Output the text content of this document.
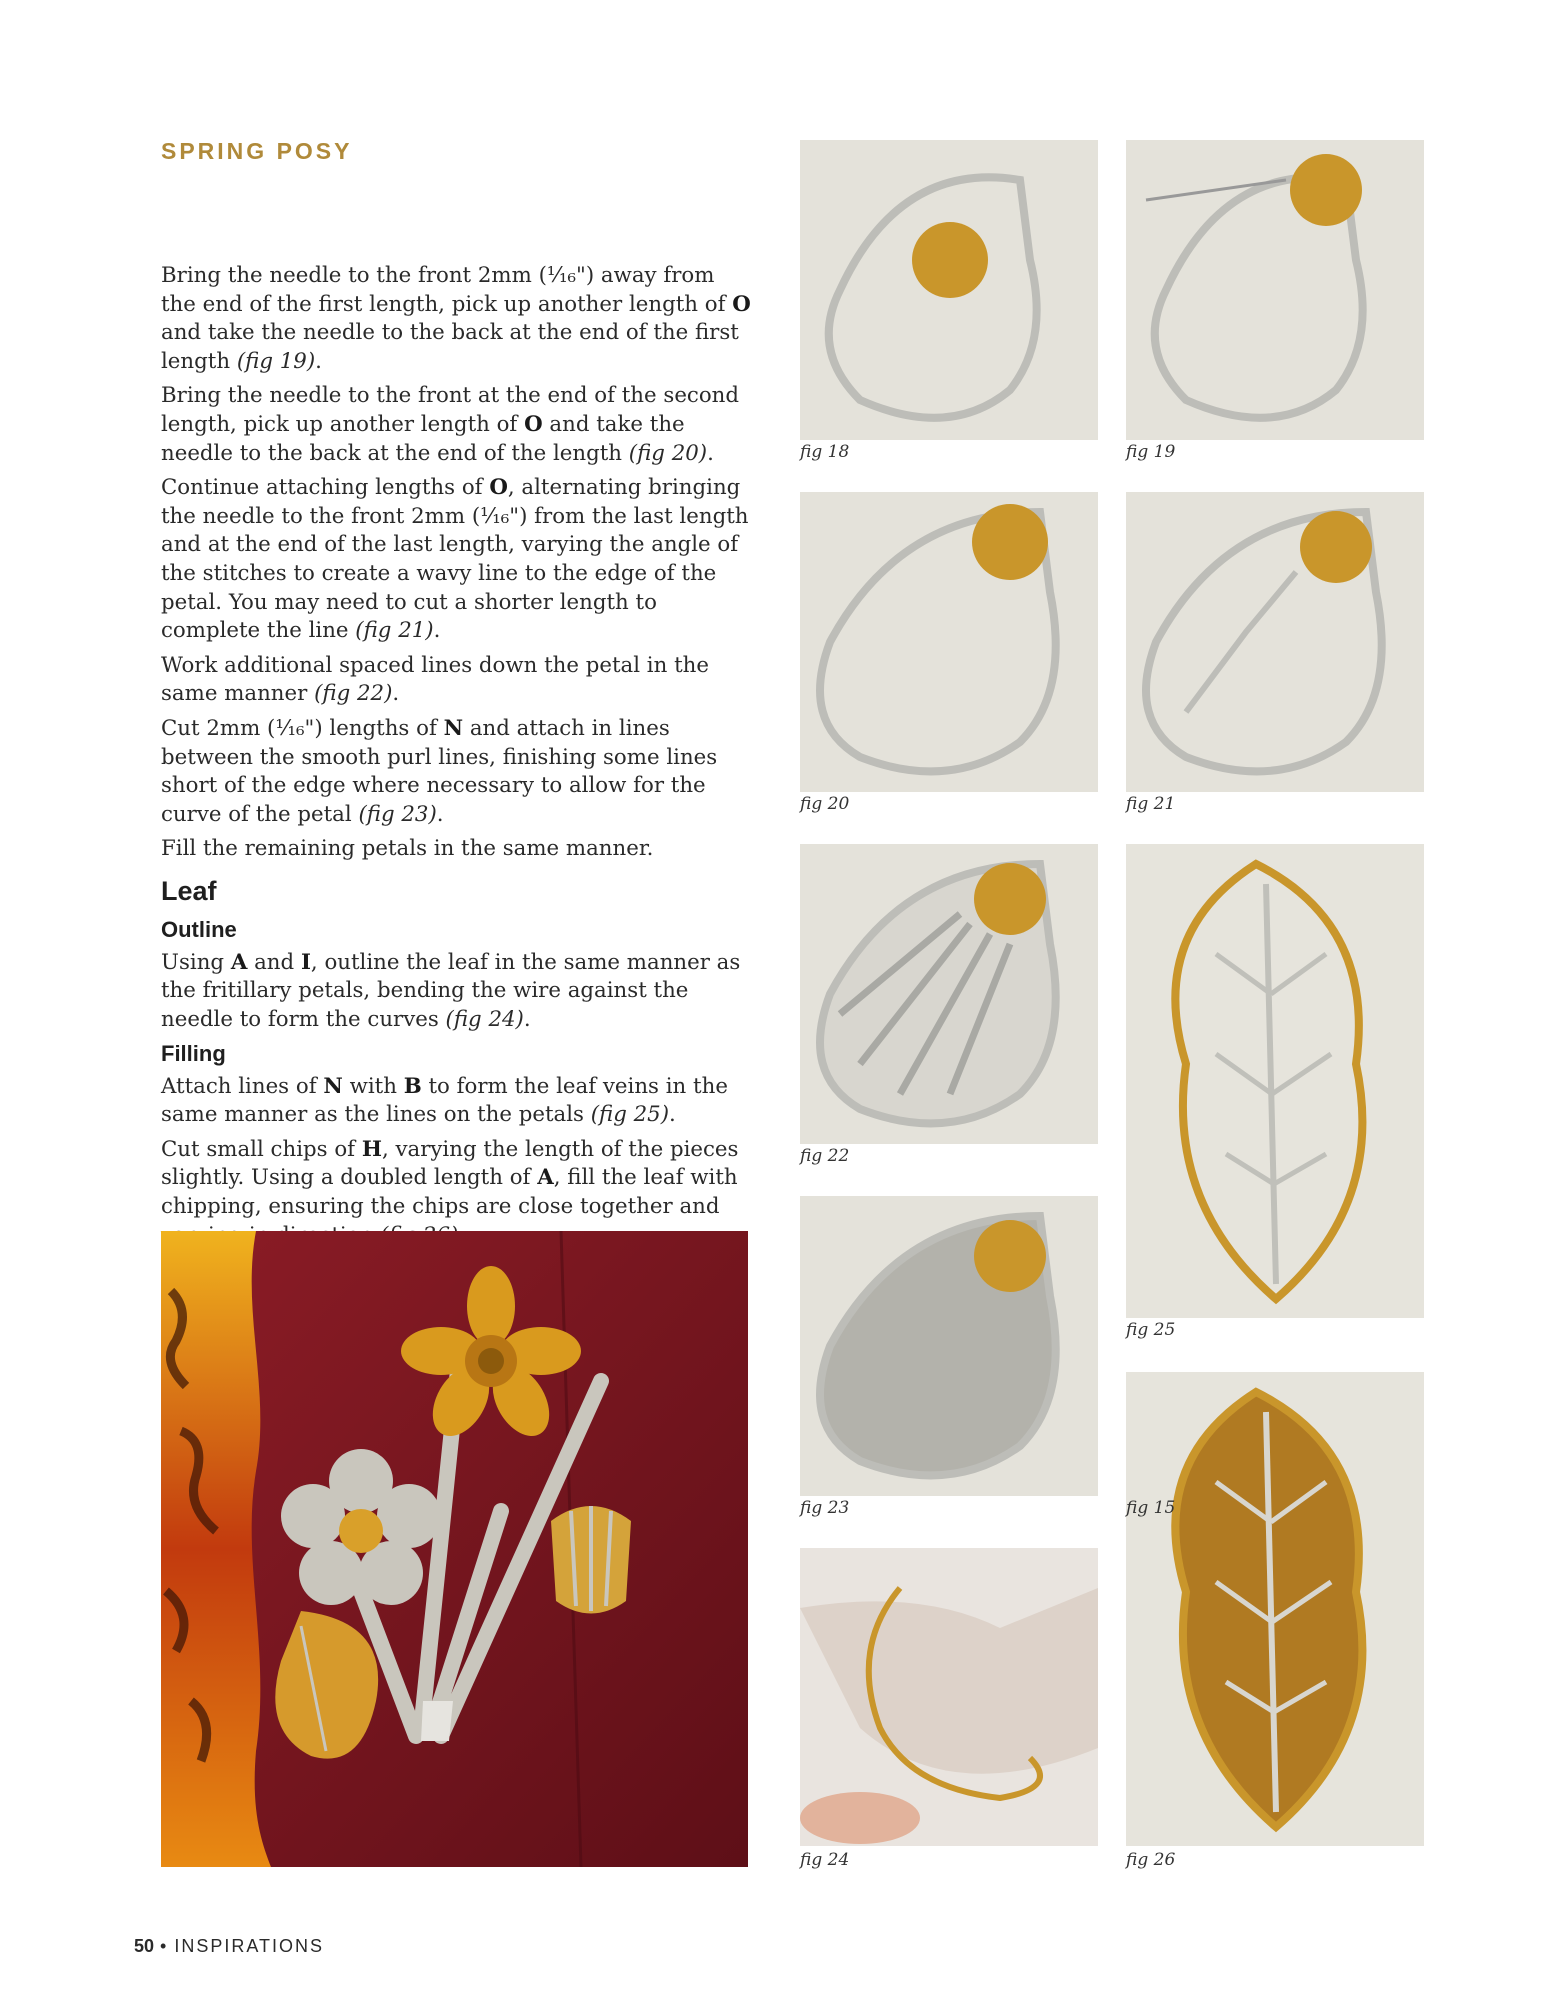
SPRING POSY

Bring the needle to the front 2mm (¹⁄₁₆") away from the end of the first length, pick up another length of O and take the needle to the back at the end of the first length (fig 19).

Bring the needle to the front at the end of the second length, pick up another length of O and take the needle to the back at the end of the length (fig 20).

Continue attaching lengths of O, alternating bringing the needle to the front 2mm (¹⁄₁₆") from the last length and at the end of the last length, varying the angle of the stitches to create a wavy line to the edge of the petal. You may need to cut a shorter length to complete the line (fig 21).

Work additional spaced lines down the petal in the same manner (fig 22).

Cut 2mm (¹⁄₁₆") lengths of N and attach in lines between the smooth purl lines, finishing some lines short of the edge where necessary to allow for the curve of the petal (fig 23).

Fill the remaining petals in the same manner.

Leaf
Outline

Using A and I, outline the leaf in the same manner as the fritillary petals, bending the wire against the needle to form the curves (fig 24).

Filling

Attach lines of N with B to form the leaf veins in the same manner as the lines on the petals (fig 25).

Cut small chips of H, varying the length of the pieces slightly. Using a doubled length of A, fill the leaf with chipping, ensuring the chips are close together and

fig 18	fig 19
fig 20	fig 21
fig 22
fig 25
fig 23	fig 15
fig 24	fig 26
50 • INSPIRATIONS
